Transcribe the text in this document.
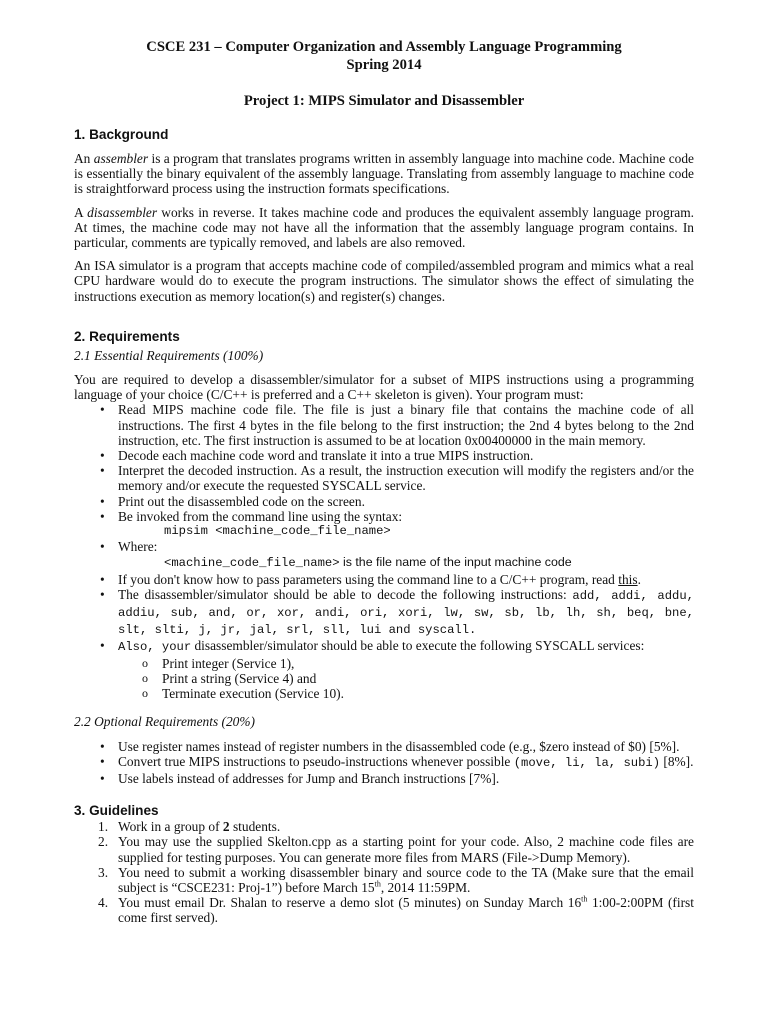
CSCE 231 – Computer Organization and Assembly Language Programming
Spring 2014
Project 1: MIPS Simulator and Disassembler
1. Background

An assembler is a program that translates programs written in assembly language into machine code. Machine code is essentially the binary equivalent of the assembly language. Translating from assembly language to machine code is straightforward process using the instruction formats specifications.

A disassembler works in reverse. It takes machine code and produces the equivalent assembly language program. At times, the machine code may not have all the information that the assembly language program contains. In particular, comments are typically removed, and labels are also removed.

An ISA simulator is a program that accepts machine code of compiled/assembled program and mimics what a real CPU hardware would do to execute the program instructions. The simulator shows the effect of simulating the instructions execution as memory location(s) and register(s) changes.

2. Requirements

2.1 Essential Requirements (100%)

You are required to develop a disassembler/simulator for a subset of MIPS instructions using a programming language of your choice (C/C++ is preferred and a C++ skeleton is given). Your program must:

• Read MIPS machine code file. The file is just a binary file that contains the machine code of all instructions. The first 4 bytes in the file belong to the first instruction; the 2nd 4 bytes belong to the 2nd instruction, etc. The first instruction is assumed to be at location 0x00400000 in the main memory.
• Decode each machine code word and translate it into a true MIPS instruction.
• Interpret the decoded instruction. As a result, the instruction execution will modify the registers and/or the memory and/or execute the requested SYSCALL service.
• Print out the disassembled code on the screen.
• Be invoked from the command line using the syntax:
mipsim <machine_code_file_name>
• Where:
<machine_code_file_name> is the file name of the input machine code
• If you don't know how to pass parameters using the command line to a C/C++ program, read this.
• The disassembler/simulator should be able to decode the following instructions: add, addi, addu, addiu, sub, and, or, xor, andi, ori, xori, lw, sw, sb, lb, lh, sh, beq, bne, slt, slti, j, jr, jal, srl, sll, lui and syscall.
• Also, your disassembler/simulator should be able to execute the following SYSCALL services:
o Print integer (Service 1),
o Print a string (Service 4) and
o Terminate execution (Service 10).

2.2 Optional Requirements (20%)

• Use register names instead of register numbers in the disassembled code (e.g., $zero instead of $0) [5%].
• Convert true MIPS instructions to pseudo-instructions whenever possible (move, li, la, subi) [8%].
• Use labels instead of addresses for Jump and Branch instructions [7%].
3. Guidelines
1. Work in a group of 2 students.
2. You may use the supplied Skelton.cpp as a starting point for your code. Also, 2 machine code files are supplied for testing purposes. You can generate more files from MARS (File->Dump Memory).
3. You need to submit a working disassembler binary and source code to the TA (Make sure that the email subject is “CSCE231: Proj-1”) before March 15th, 2014 11:59PM.
4. You must email Dr. Shalan to reserve a demo slot (5 minutes) on Sunday March 16th 1:00-2:00PM (first come first served).
